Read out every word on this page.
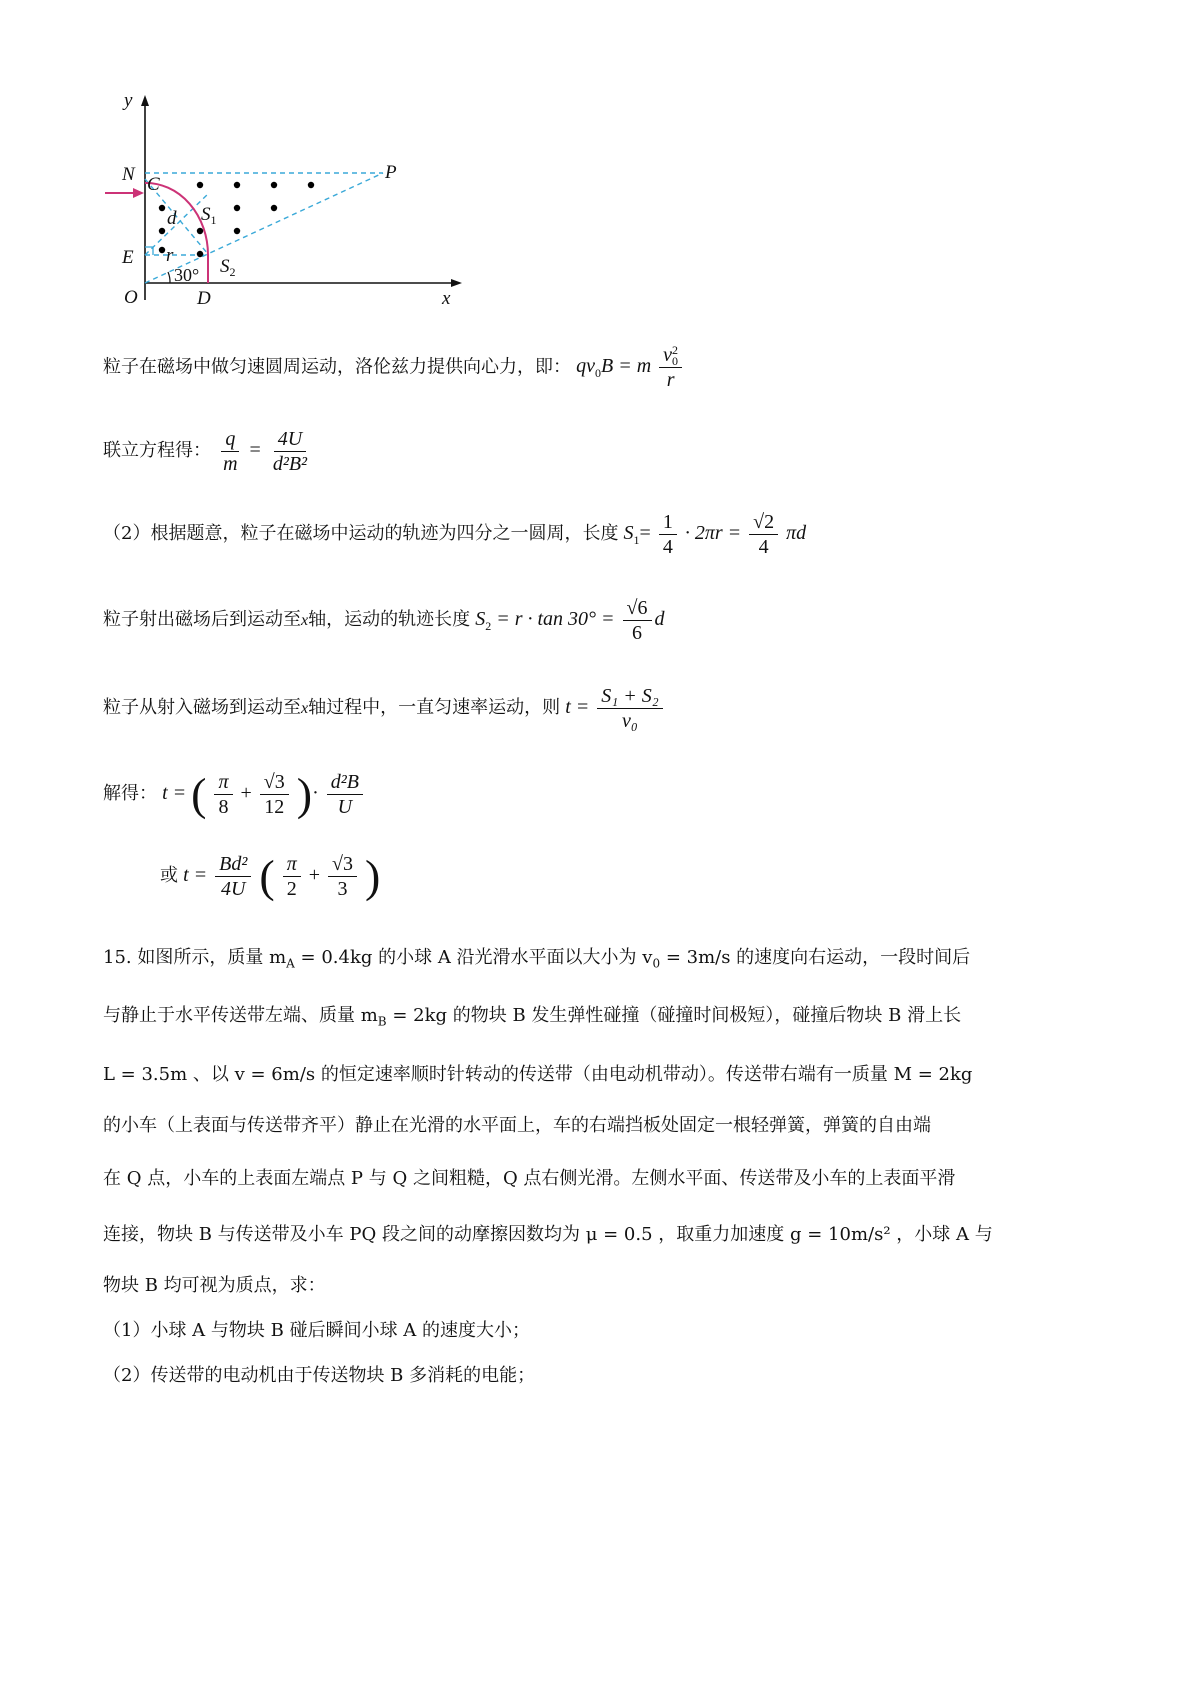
y
x
O
N C
P
E
D
d
r
$S_1$
$S_2$
30°
粒子在磁场中做匀速圆周运动，洛伦兹力提供向心力，即： $qv_0B = m$ v 2
0
r
联立方程得： $\frac{q}{m} = \frac{4U}{\text{d²B²}}$
（2）根据题意，粒子在磁场中运动的轨迹为四分之一圆周，长度 $S_1= \frac{1}{4} \cdot 2\pi r = \frac{√2}{4}$ πd
粒子射出磁场后到运动至x轴，运动的轨迹长度 $S_2 = r \cdot \tan 30^\circ = \frac{√6}{6}$ d
粒子从射入磁场到运动至x轴过程中，一直匀速率运动，则 $t = \frac{\text{S₁ + S₂}}{\text{v₀}}$
解得： t = ( $\frac{\pi}{8} + \frac{√3}{12}$ )· $\frac{\text{d²B}}{U}$
或 $t = \frac{\text{Bd²}}{4U}$ ( $\frac{\pi}{2} + \frac{√3}{3}$ )
15. 如图所示，质量 $m_A = 0.4kg$ 的小球 A 沿光滑水平面以大小为 $v_0 = 3m/s$ 的速度向右运动，一段时间后
与静止于水平传送带左端、质量 $m_B = 2kg$ 的物块 B 发生弹性碰撞（碰撞时间极短），碰撞后物块 B 滑上长
L = 3.5m 、以 v = 6m/s 的恒定速率顺时针转动的传送带（由电动机带动）。传送带右端有一质量 M = 2kg
的小车（上表面与传送带齐平）静止在光滑的水平面上，车的右端挡板处固定一根轻弹簧，弹簧的自由端
在 Q 点，小车的上表面左端点 P 与 Q 之间粗糙，Q 点右侧光滑。左侧水平面、传送带及小车的上表面平滑
连接，物块 B 与传送带及小车 PQ 段之间的动摩擦因数均为 μ = 0.5 ，取重力加速度 g = 10m/s² ，小球 A 与
物块 B 均可视为质点，求：
（1）小球 A 与物块 B 碰后瞬间小球 A 的速度大小；
（2）传送带的电动机由于传送物块 B 多消耗的电能；
